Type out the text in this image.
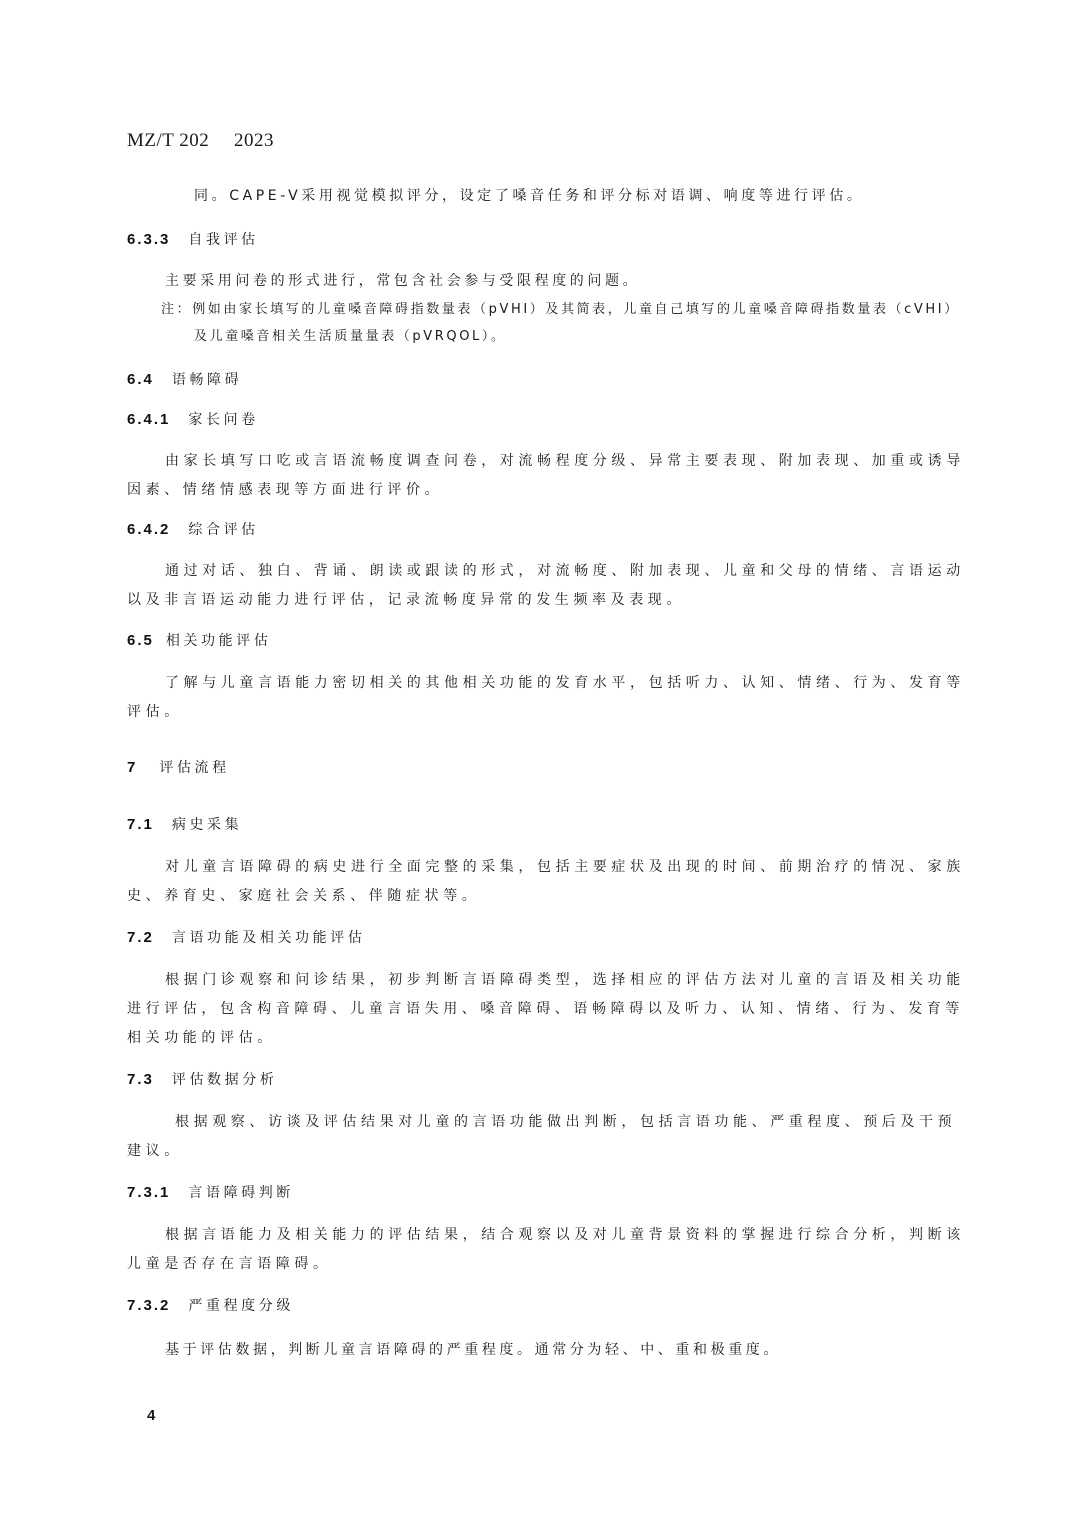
MZ/T 202  2023
同。CAPE-V采用视觉模拟评分，设定了嗓音任务和评分标对语调、响度等进行评估。
6.3.3 自我评估
主要采用问卷的形式进行，常包含社会参与受限程度的问题。
注：例如由家长填写的儿童嗓音障碍指数量表（pVHI）及其简表，儿童自己填写的儿童嗓音障碍指数量表（cVHI）
及儿童嗓音相关生活质量量表（pVRQOL）。
6.4 语畅障碍
6.4.1 家长问卷
由家长填写口吃或言语流畅度调查问卷，对流畅程度分级、异常主要表现、附加表现、加重或诱导因素、情绪情感表现等方面进行评价。
6.4.2 综合评估
通过对话、独白、背诵、朗读或跟读的形式，对流畅度、附加表现、儿童和父母的情绪、言语运动以及非言语运动能力进行评估，记录流畅度异常的发生频率及表现。
6.5 相关功能评估
了解与儿童言语能力密切相关的其他相关功能的发育水平，包括听力、认知、情绪、行为、发育等评估。
7 评估流程
7.1 病史采集
对儿童言语障碍的病史进行全面完整的采集，包括主要症状及出现的时间、前期治疗的情况、家族史、养育史、家庭社会关系、伴随症状等。
7.2 言语功能及相关功能评估
根据门诊观察和问诊结果，初步判断言语障碍类型，选择相应的评估方法对儿童的言语及相关功能进行评估，包含构音障碍、儿童言语失用、嗓音障碍、语畅障碍以及听力、认知、情绪、行为、发育等相关功能的评估。
7.3 评估数据分析
根据观察、访谈及评估结果对儿童的言语功能做出判断，包括言语功能、严重程度、预后及干预建议。
7.3.1 言语障碍判断
根据言语能力及相关能力的评估结果，结合观察以及对儿童背景资料的掌握进行综合分析，判断该儿童是否存在言语障碍。
7.3.2 严重程度分级
基于评估数据，判断儿童言语障碍的严重程度。通常分为轻、中、重和极重度。
4
